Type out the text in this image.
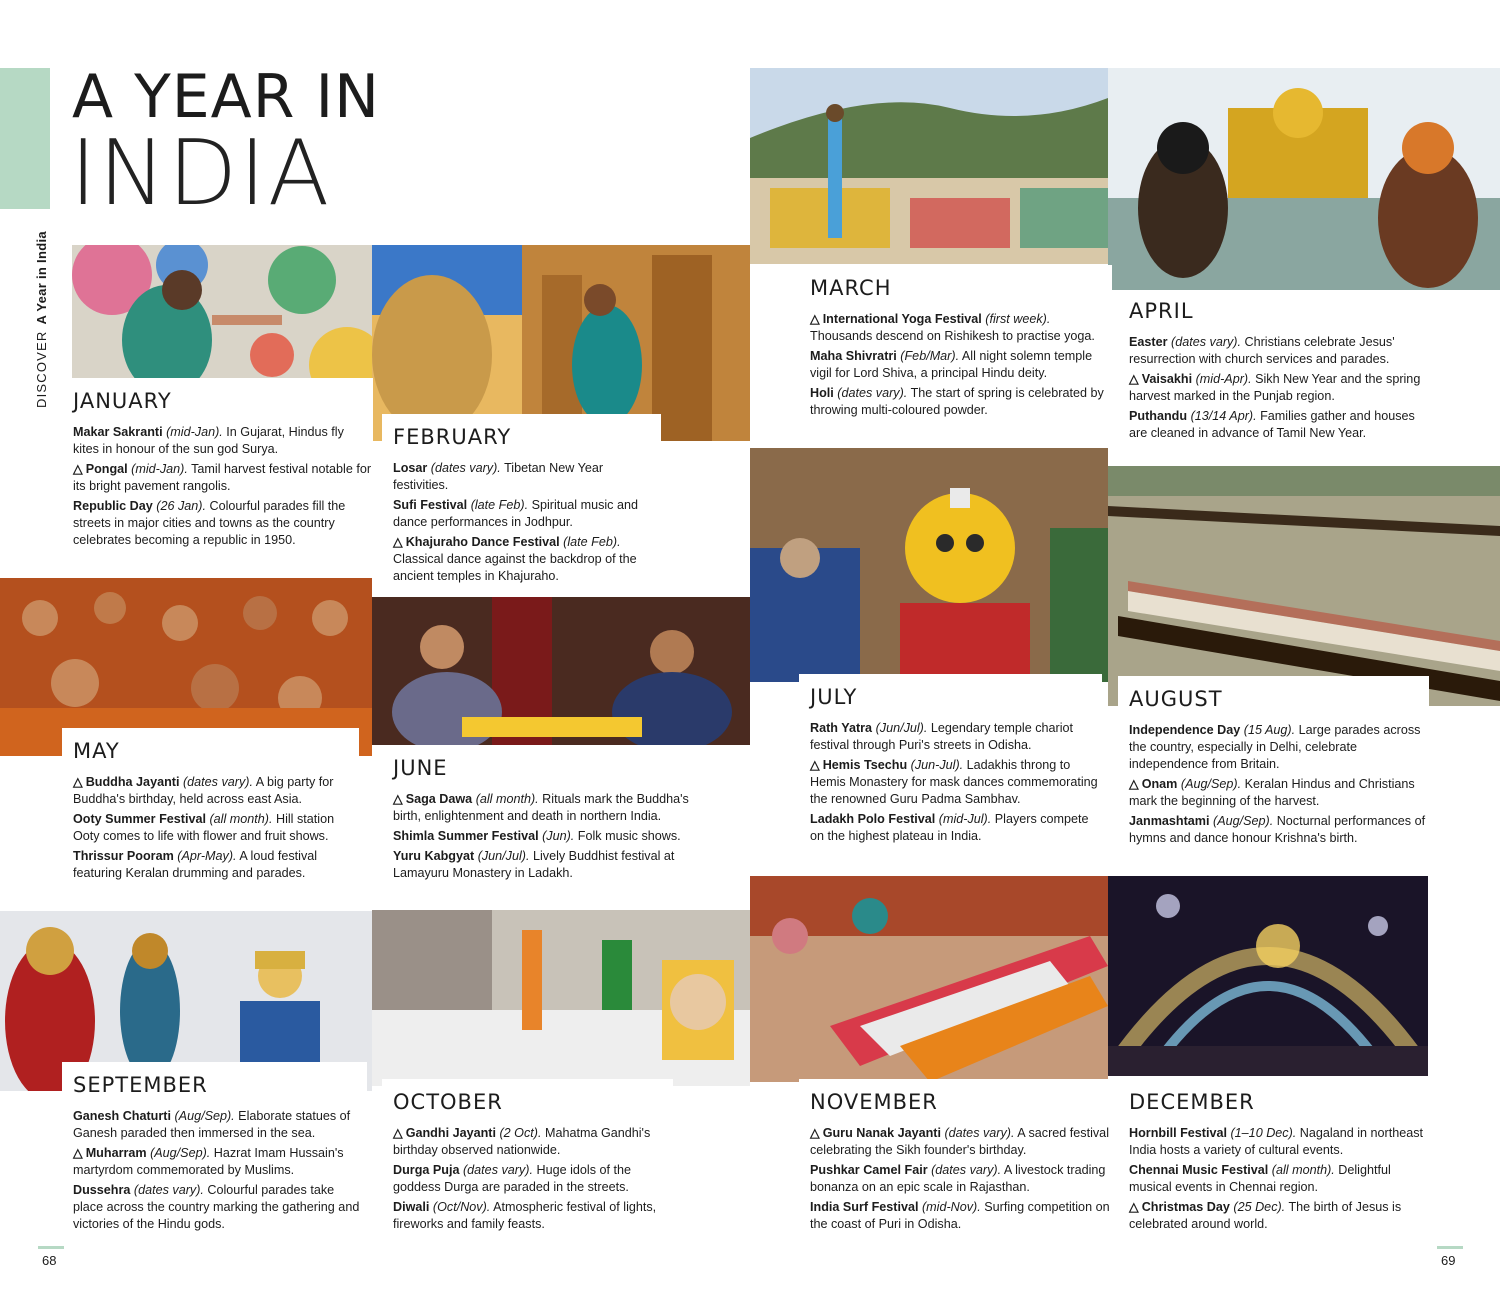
A YEAR IN
INDIA
DISCOVERA Year in India
JANUARY
Makar Sakranti (mid-Jan). In Gujarat, Hindus fly kites in honour of the sun god Surya.
△ Pongal (mid-Jan). Tamil harvest festival notable for its bright pavement rangolis.
Republic Day (26 Jan). Colourful parades fill the streets in major cities and towns as the country celebrates becoming a republic in 1950.
FEBRUARY
Losar (dates vary). Tibetan New Year festivities.
Sufi Festival (late Feb). Spiritual music and dance performances in Jodhpur.
△ Khajuraho Dance Festival (late Feb). Classical dance against the backdrop of the ancient temples in Khajuraho.
MARCH
△ International Yoga Festival (first week). Thousands descend on Rishikesh to practise yoga.
Maha Shivratri (Feb/Mar). All night solemn temple vigil for Lord Shiva, a principal Hindu deity.
Holi (dates vary). The start of spring is celebrated by throwing multi-coloured powder.
APRIL
Easter (dates vary). Christians celebrate Jesus' resurrection with church services and parades.
△ Vaisakhi (mid-Apr). Sikh New Year and the spring harvest marked in the Punjab region.
Puthandu (13/14 Apr). Families gather and houses are cleaned in advance of Tamil New Year.
MAY
△ Buddha Jayanti (dates vary). A big party for Buddha's birthday, held across east Asia.
Ooty Summer Festival (all month). Hill station Ooty comes to life with flower and fruit shows.
Thrissur Pooram (Apr-May). A loud festival featuring Keralan drumming and parades.
JUNE
△ Saga Dawa (all month). Rituals mark the Buddha's birth, enlightenment and death in northern India.
Shimla Summer Festival (Jun). Folk music shows.
Yuru Kabgyat (Jun/Jul). Lively Buddhist festival at Lamayuru Monastery in Ladakh.
JULY
Rath Yatra (Jun/Jul). Legendary temple chariot festival through Puri's streets in Odisha.
△ Hemis Tsechu (Jun-Jul). Ladakhis throng to Hemis Monastery for mask dances commemorating the renowned Guru Padma Sambhav.
Ladakh Polo Festival (mid-Jul). Players compete on the highest plateau in India.
AUGUST
Independence Day (15 Aug). Large parades across the country, especially in Delhi, celebrate independence from Britain.
△ Onam (Aug/Sep). Keralan Hindus and Christians mark the beginning of the harvest.
Janmashtami (Aug/Sep). Nocturnal performances of hymns and dance honour Krishna's birth.
SEPTEMBER
Ganesh Chaturti (Aug/Sep). Elaborate statues of Ganesh paraded then immersed in the sea.
△ Muharram (Aug/Sep). Hazrat Imam Hussain's martyrdom commemorated by Muslims.
Dussehra (dates vary). Colourful parades take place across the country marking the gathering and victories of the Hindu gods.
OCTOBER
△ Gandhi Jayanti (2 Oct). Mahatma Gandhi's birthday observed nationwide.
Durga Puja (dates vary). Huge idols of the goddess Durga are paraded in the streets.
Diwali (Oct/Nov). Atmospheric festival of lights, fireworks and family feasts.
NOVEMBER
△ Guru Nanak Jayanti (dates vary). A sacred festival celebrating the Sikh founder's birthday.
Pushkar Camel Fair (dates vary). A livestock trading bonanza on an epic scale in Rajasthan.
India Surf Festival (mid-Nov). Surfing competition on the coast of Puri in Odisha.
DECEMBER
Hornbill Festival (1–10 Dec). Nagaland in northeast India hosts a variety of cultural events.
Chennai Music Festival (all month). Delightful musical events in Chennai region.
△ Christmas Day (25 Dec). The birth of Jesus is celebrated around world.
68	69
